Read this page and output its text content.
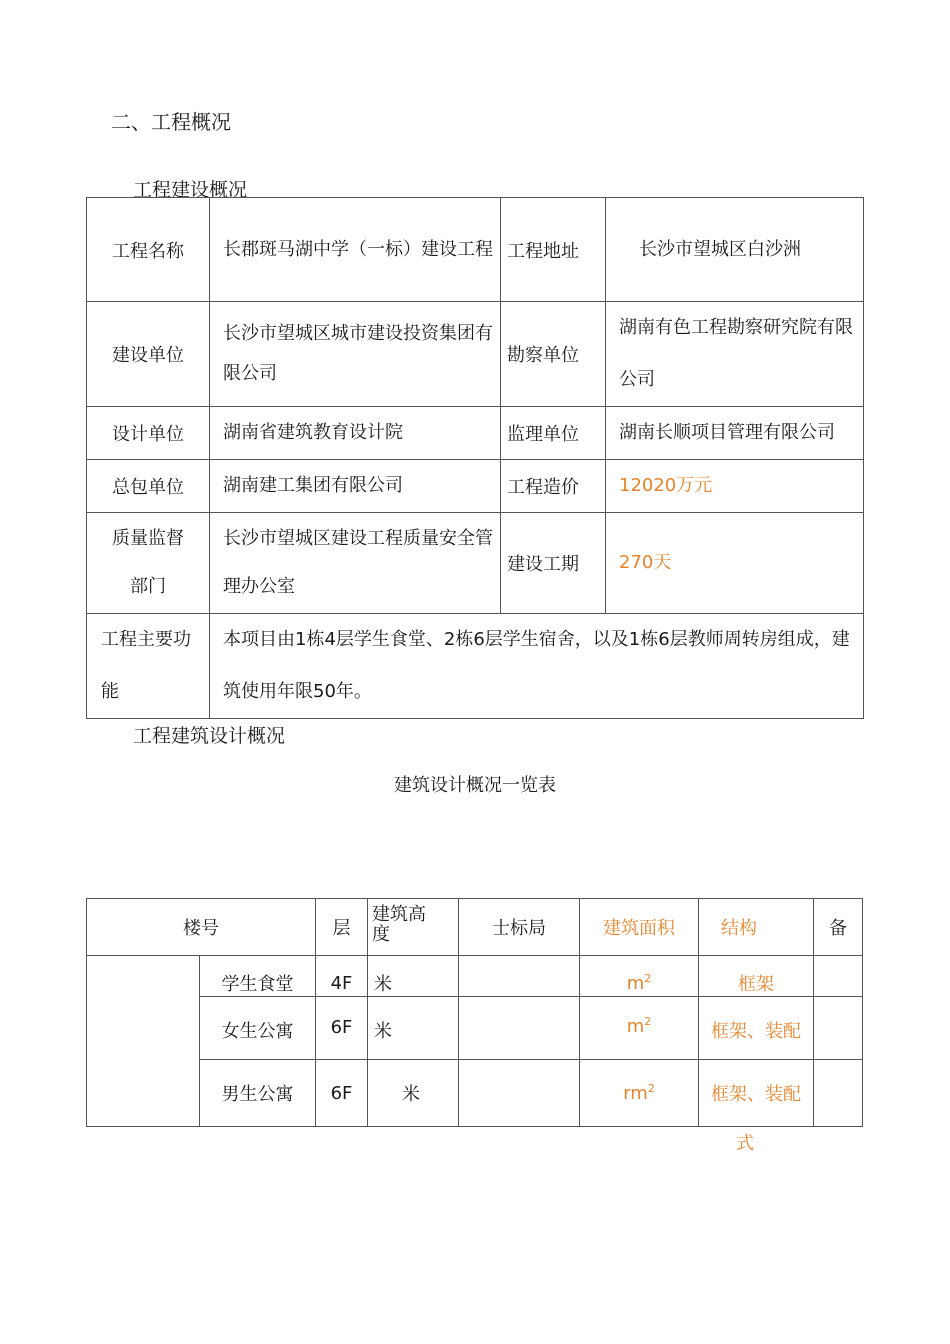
二、工程概况
工程建设概况
工程名称	长郡斑马湖中学（一标）建设工程	工程地址	长沙市望城区白沙洲
建设单位	长沙市望城区城市建设投资集团有限公司	勘察单位	湖南有色工程勘察研究院有限公司

设计单位	湖南省建筑教育设计院	监理单位	湖南长顺项目管理有限公司
总包单位	湖南建工集团有限公司	工程造价	12020万元

质量监督部门	长沙市望城区建设工程质量安全管理办公室	建设工期	270天

工程主要功能	本项目由1栋4层学生食堂、2栋6层学生宿舍，以及1栋6层教师周转房组成，建筑使用年限50年。		
工程建筑设计概况
建筑设计概况一览表
楼号		层	建筑高度	士标局	建筑面积	结构	备
	学生食堂	4F	米		$m^2$	框架	
	女生公寓	6F	米		$m^2$	框架、装配	
	男生公寓	6F	米		$rm^2$	框架、装配	
式
